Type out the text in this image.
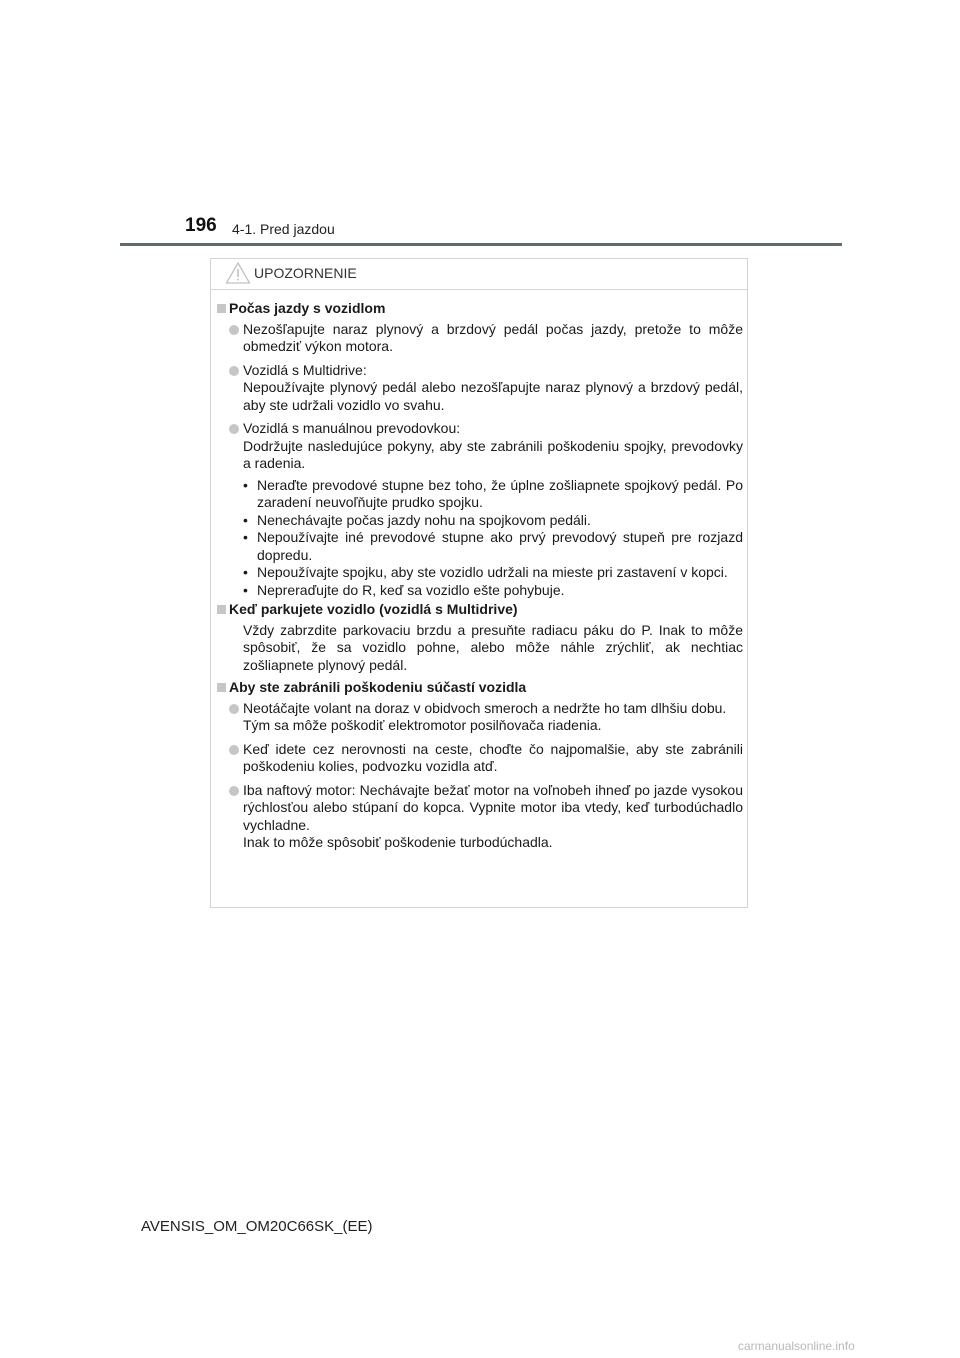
196 4-1. Pred jazdou
UPOZORNENIE
Počas jazdy s vozidlom
Nezošľapujte naraz plynový a brzdový pedál počas jazdy, pretože to môže obmedziť výkon motora.
Vozidlá s Multidrive:
Nepoužívajte plynový pedál alebo nezošľapujte naraz plynový a brzdový pedál, aby ste udržali vozidlo vo svahu.
Vozidlá s manuálnou prevodovkou:
Dodržujte nasledujúce pokyny, aby ste zabránili poškodeniu spojky, prevodovky a radenia.
• Neraďte prevodové stupne bez toho, že úplne zošliapnete spojkový pedál. Po zaradení neuvoľňujte prudko spojku.
• Nenechávajte počas jazdy nohu na spojkovom pedáli.
• Nepoužívajte iné prevodové stupne ako prvý prevodový stupeň pre rozjazd dopredu.
• Nepoužívajte spojku, aby ste vozidlo udržali na mieste pri zastavení v kopci.
• Nepreraďujte do R, keď sa vozidlo ešte pohybuje.
Keď parkujete vozidlo (vozidlá s Multidrive)
Vždy zabrzdite parkovaciu brzdu a presuňte radiacu páku do P. Inak to môže spôsobiť, že sa vozidlo pohne, alebo môže náhle zrýchliť, ak nechtiac zošliapnete plynový pedál.
Aby ste zabránili poškodeniu súčastí vozidla
Neotáčajte volant na doraz v obidvoch smeroch a nedržte ho tam dlhšiu dobu.
Tým sa môže poškodiť elektromotor posilňovača riadenia.
Keď idete cez nerovnosti na ceste, choďte čo najpomalšie, aby ste zabránili poškodeniu kolies, podvozku vozidla atď.
Iba naftový motor: Nechávajte bežať motor na voľnobeh ihneď po jazde vysokou rýchlosťou alebo stúpaní do kopca. Vypnite motor iba vtedy, keď turbodúchadlo vychladne.
Inak to môže spôsobiť poškodenie turbodúchadla.
AVENSIS_OM_OM20C66SK_(EE)
carmanualsonline.info
